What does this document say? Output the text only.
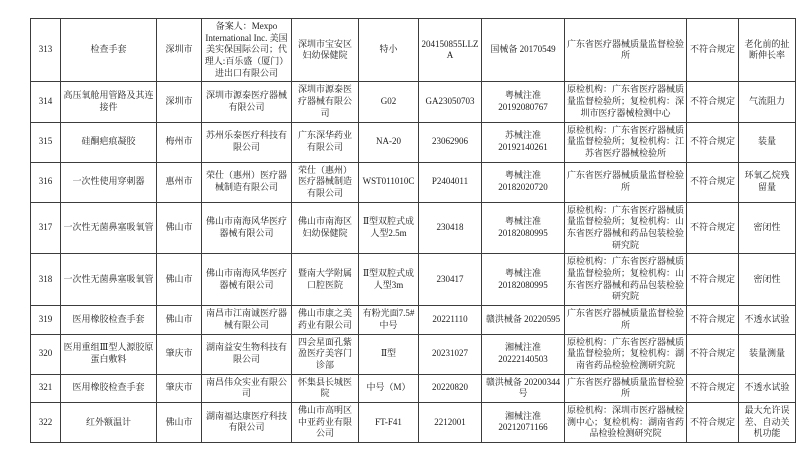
313	检查手套	深圳市	备案人：Mexpo International Inc. 美国美实保国际公司；代理人:百乐盛（厦门）进出口有限公司	深圳市宝安区妇幼保健院	特小	204150855LLZA	国械备 20170549	广东省医疗器械质量监督检验所	不符合规定	老化前的扯断伸长率
314	高压氧舱用管路及其连接件	深圳市	深圳市源泰医疗器械有限公司	深圳市源泰医疗器械有限公司	G02	GA23050703	粤械注准20192080767	原检机构：广东省医疗器械质量监督检验所；复检机构：深圳市医疗器械检测中心	不符合规定	气流阻力
315	硅酮疤痕凝胶	梅州市	苏州乐泰医疗科技有限公司	广东深华药业有限公司	NA-20	23062906	苏械注准20192140261	原检机构：广东省医疗器械质量监督检验所；复检机构：江苏省医疗器械检验所	不符合规定	装量
316	一次性使用穿刺器	惠州市	荣仕（惠州）医疗器械制造有限公司	荣仕（惠州）医疗器械制造有限公司	WST011010C	P2404011	粤械注准20182020720	广东省医疗器械质量监督检验所	不符合规定	环氧乙烷残留量
317	一次性无菌鼻塞吸氧管	佛山市	佛山市南海风华医疗器械有限公司	佛山市南海区妇幼保健院	Ⅱ型双腔式成人型2.5m	230418	粤械注准20182080995	原检机构：广东省医疗器械质量监督检验所；复检机构：山东省医疗器械和药品包装检验研究院	不符合规定	密闭性
318	一次性无菌鼻塞吸氧管	佛山市	佛山市南海风华医疗器械有限公司	暨南大学附属口腔医院	Ⅱ型双腔式成人型3m	230417	粤械注准20182080995	原检机构：广东省医疗器械质量监督检验所；复检机构：山东省医疗器械和药品包装检验研究院	不符合规定	密闭性
319	医用橡胶检查手套	佛山市	南昌市江南诚医疗器械有限公司	佛山市康之美药业有限公司	有粉光面7.5#中号	20221110	赣洪械备 20220595	广东省医疗器械质量监督检验所	不符合规定	不透水试验
320	医用重组Ⅲ型人源胶原蛋白敷料	肇庆市	湖南益安生物科技有限公司	四会星面孔紫盈医疗美容门诊部	Ⅱ型	20231027	湘械注准20222140503	原检机构：广东省医疗器械质量监督检验所；复检机构：湖南省药品检验检测研究院	不符合规定	装量测量
321	医用橡胶检查手套	肇庆市	南昌伟众实业有限公司	怀集县长城医院	中号（M）	20220820	赣洪械备 20200344号	广东省医疗器械质量监督检验所	不符合规定	不透水试验
322	红外额温计	佛山市	湖南福达康医疗科技有限公司	佛山市高明区中亚药业有限公司	FT-F41	2212001	湘械注准20212071166	原检机构：深圳市医疗器械检测中心；复检机构：湖南省药品检验检测研究院	不符合规定	最大允许误差、自动关机功能
